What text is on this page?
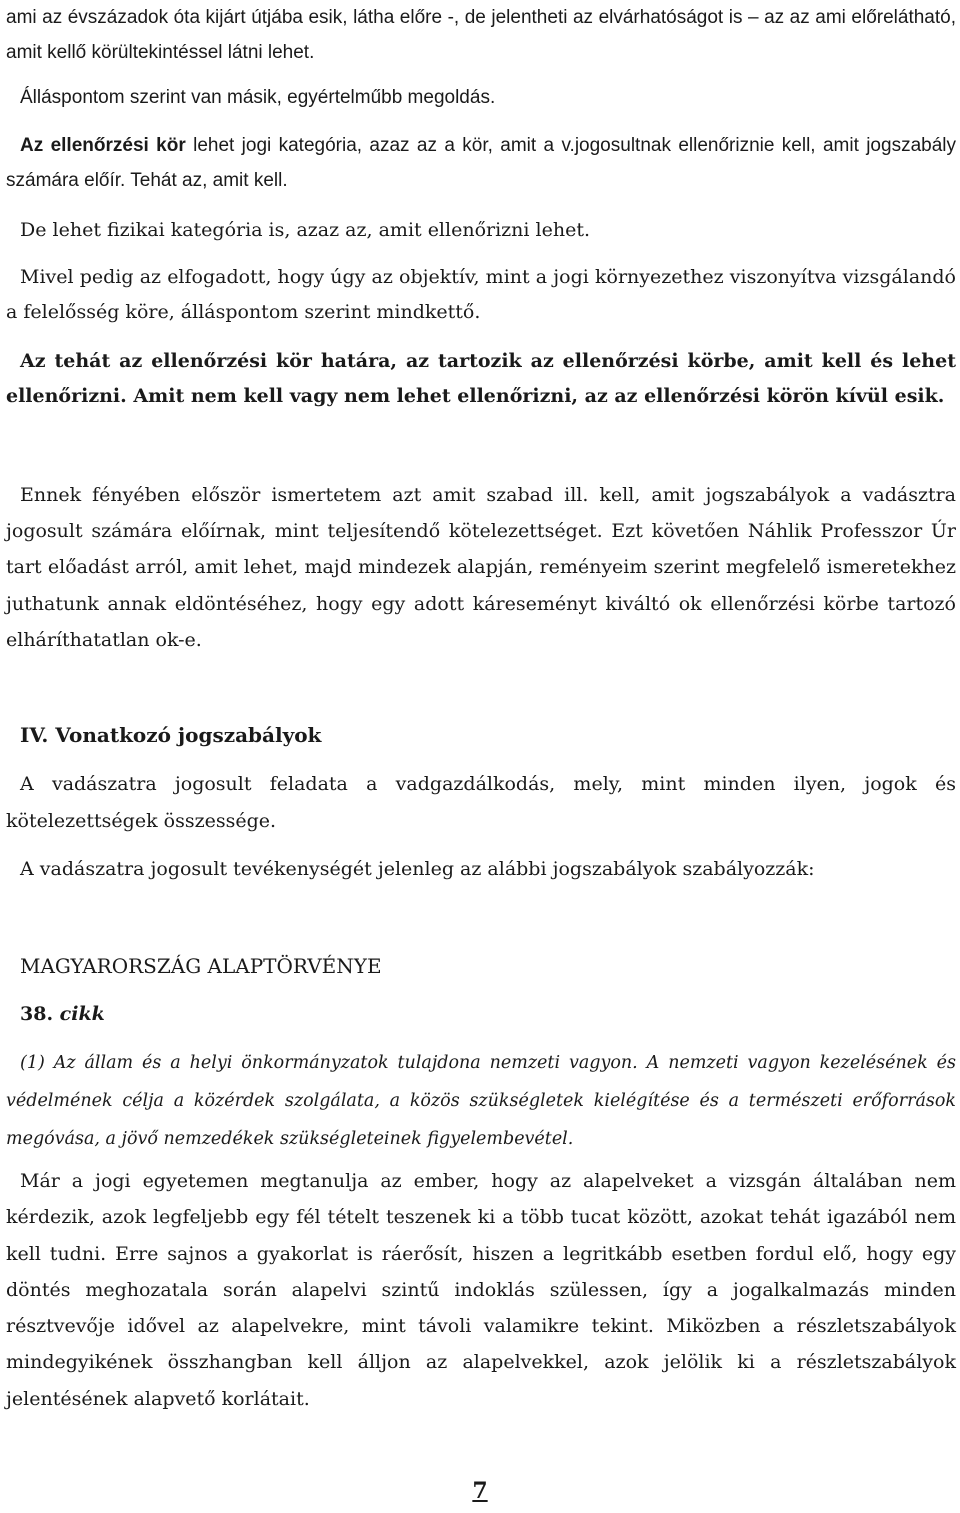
ami az évszázadok óta kijárt útjába esik, látha előre -, de jelentheti az elvárhatóságot is – az az ami előrelátható, amit kellő körültekintéssel látni lehet.

Álláspontom szerint van másik, egyértelműbb megoldás.

Az ellenőrzési kör lehet jogi kategória, azaz az a kör, amit a v.jogosultnak ellenőriznie kell, amit jogszabály számára előír. Tehát az, amit kell.

De lehet fizikai kategória is, azaz az, amit ellenőrizni lehet.

Mivel pedig az elfogadott, hogy úgy az objektív, mint a jogi környezethez viszonyítva vizsgálandó a felelősség köre, álláspontom szerint mindkettő.

Az tehát az ellenőrzési kör határa, az tartozik az ellenőrzési körbe, amit kell és lehet ellenőrizni. Amit nem kell vagy nem lehet ellenőrizni, az az ellenőrzési körön kívül esik.

Ennek fényében először ismertetem azt amit szabad ill. kell, amit jogszabályok a vadásztra jogosult számára előírnak, mint teljesítendő kötelezettséget. Ezt követően Náhlik Professzor Úr tart előadást arról, amit lehet, majd mindezek alapján, reményeim szerint megfelelő ismeretekhez juthatunk annak eldöntéséhez, hogy egy adott káreseményt kiváltó ok ellenőrzési körbe tartozó elháríthatatlan ok-e.

IV. Vonatkozó jogszabályok

A vadászatra jogosult feladata a vadgazdálkodás, mely, mint minden ilyen, jogok és kötelezettségek összessége.

A vadászatra jogosult tevékenységét jelenleg az alábbi jogszabályok szabályozzák:

MAGYARORSZÁG ALAPTÖRVÉNYE

38. cikk

(1) Az állam és a helyi önkormányzatok tulajdona nemzeti vagyon. A nemzeti vagyon kezelésének és védelmének célja a közérdek szolgálata, a közös szükségletek kielégítése és a természeti erőforrások megóvása, a jövő nemzedékek szükségleteinek figyelembevétel.

Már a jogi egyetemen megtanulja az ember, hogy az alapelveket a vizsgán általában nem kérdezik, azok legfeljebb egy fél tételt teszenek ki a több tucat között, azokat tehát igazából nem kell tudni. Erre sajnos a gyakorlat is ráerősít, hiszen a legritkább esetben fordul elő, hogy egy döntés meghozatala során alapelvi szintű indoklás szülessen, így a jogalkalmazás minden résztvevője idővel az alapelvekre, mint távoli valamikre tekint. Miközben a részletszabályok mindegyikének összhangban kell álljon az alapelvekkel, azok jelölik ki a részletszabályok jelentésének alapvető korlátait.

7
